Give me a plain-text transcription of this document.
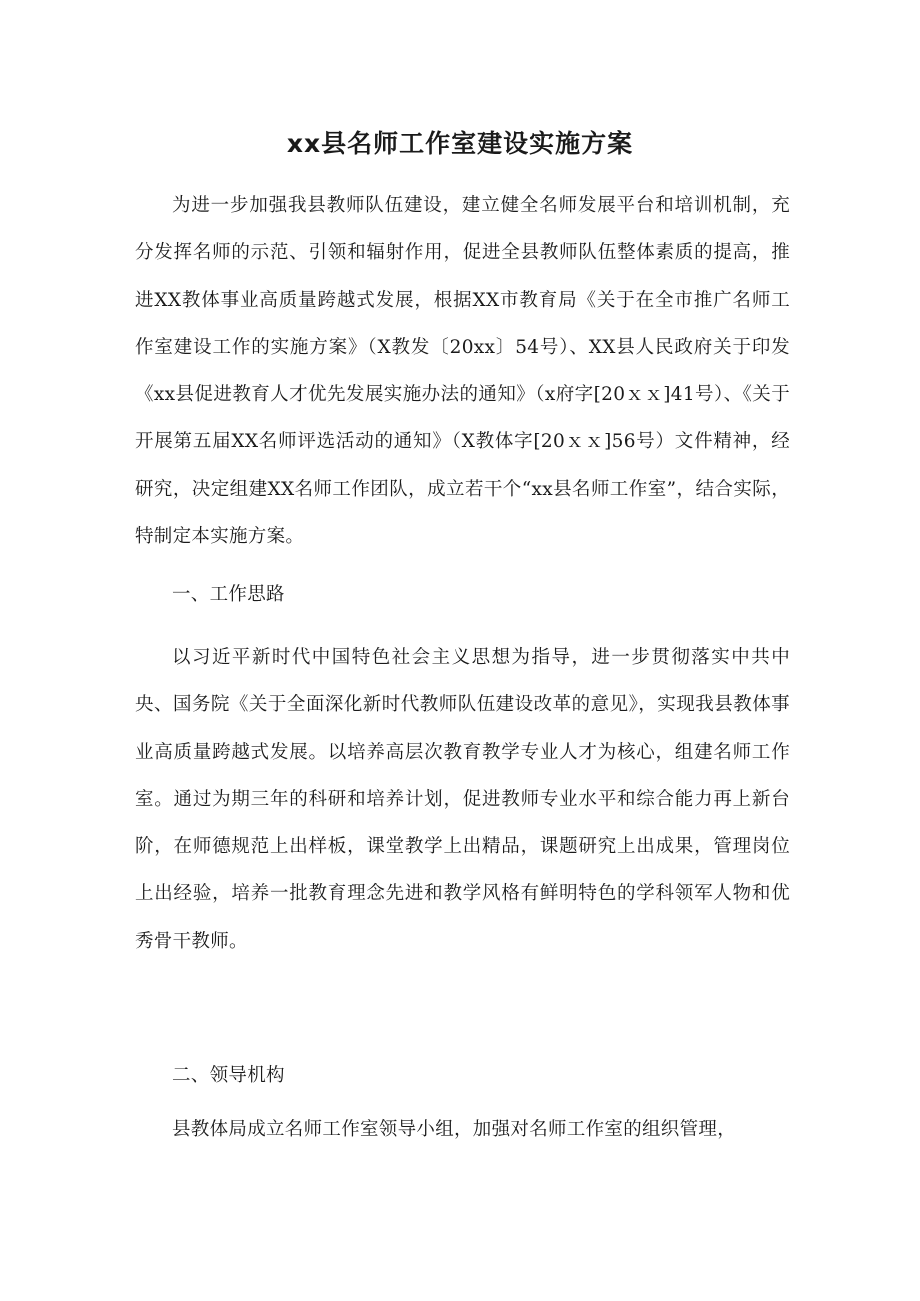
xx县名师工作室建设实施方案

为进一步加强我县教师队伍建设，建立健全名师发展平台和培训机制，充分发挥名师的示范、引领和辐射作用，促进全县教师队伍整体素质的提高，推进XX教体事业高质量跨越式发展，根据XX市教育局《关于在全市推广名师工作室建设工作的实施方案》（X教发〔20xx〕54号）、XX县人民政府关于印发《xx县促进教育人才优先发展实施办法的通知》（x府字[20ｘｘ]41号）、《关于开展第五届XX名师评选活动的通知》（X教体字[20ｘｘ]56号）文件精神，经研究，决定组建XX名师工作团队，成立若干个“xx县名师工作室”，结合实际，特制定本实施方案。

一、工作思路

以习近平新时代中国特色社会主义思想为指导，进一步贯彻落实中共中央、国务院《关于全面深化新时代教师队伍建设改革的意见》，实现我县教体事业高质量跨越式发展。以培养高层次教育教学专业人才为核心，组建名师工作室。通过为期三年的科研和培养计划，促进教师专业水平和综合能力再上新台阶，在师德规范上出样板，课堂教学上出精品，课题研究上出成果，管理岗位上出经验，培养一批教育理念先进和教学风格有鲜明特色的学科领军人物和优秀骨干教师。

二、领导机构

县教体局成立名师工作室领导小组，加强对名师工作室的组织管理，
